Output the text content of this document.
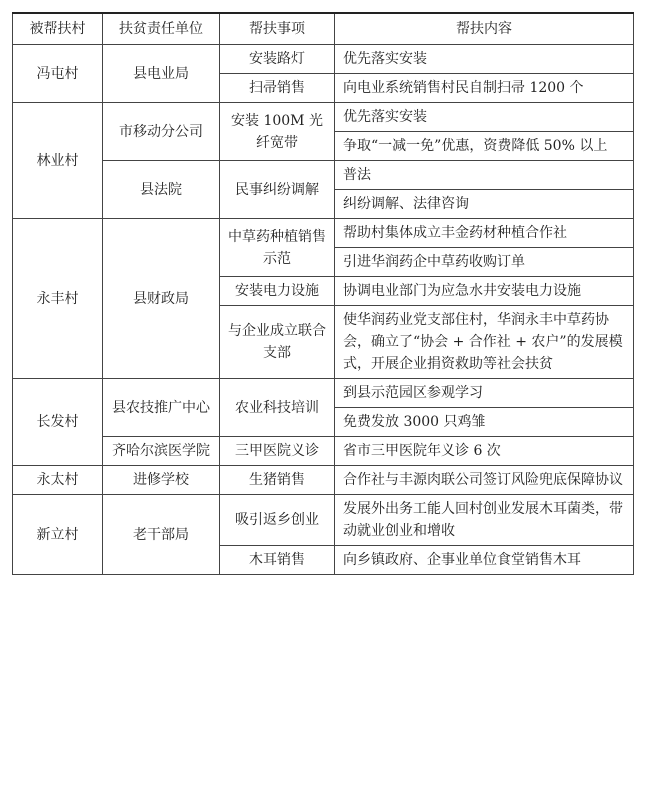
被帮扶村	扶贫责任单位	帮扶事项	帮扶内容
冯屯村	县电业局	安装路灯	优先落实安装
		扫帚销售	向电业系统销售村民自制扫帚 1200 个
林业村	市移动分公司	安装 100M 光纤宽带	优先落实安装
			争取“一减一免”优惠，资费降低 50% 以上
	县法院	民事纠纷调解	普法
			纠纷调解、法律咨询
永丰村	县财政局	中草药种植销售示范	帮助村集体成立丰金药材种植合作社
			引进华润药企中草药收购订单
		安装电力设施	协调电业部门为应急水井安装电力设施
		与企业成立联合支部	使华润药业党支部住村，华润永丰中草药协会，确立了“协会 + 合作社 + 农户”的发展模式，开展企业捐资救助等社会扶贫
长发村	县农技推广中心	农业科技培训	到县示范园区参观学习
			免费发放 3000 只鸡雏
	齐哈尔滨医学院	三甲医院义诊	省市三甲医院年义诊 6 次
永太村	进修学校	生猪销售	合作社与丰源肉联公司签订风险兜底保障协议
新立村	老干部局	吸引返乡创业	发展外出务工能人回村创业发展木耳菌类，带动就业创业和增收
		木耳销售	向乡镇政府、企事业单位食堂销售木耳
